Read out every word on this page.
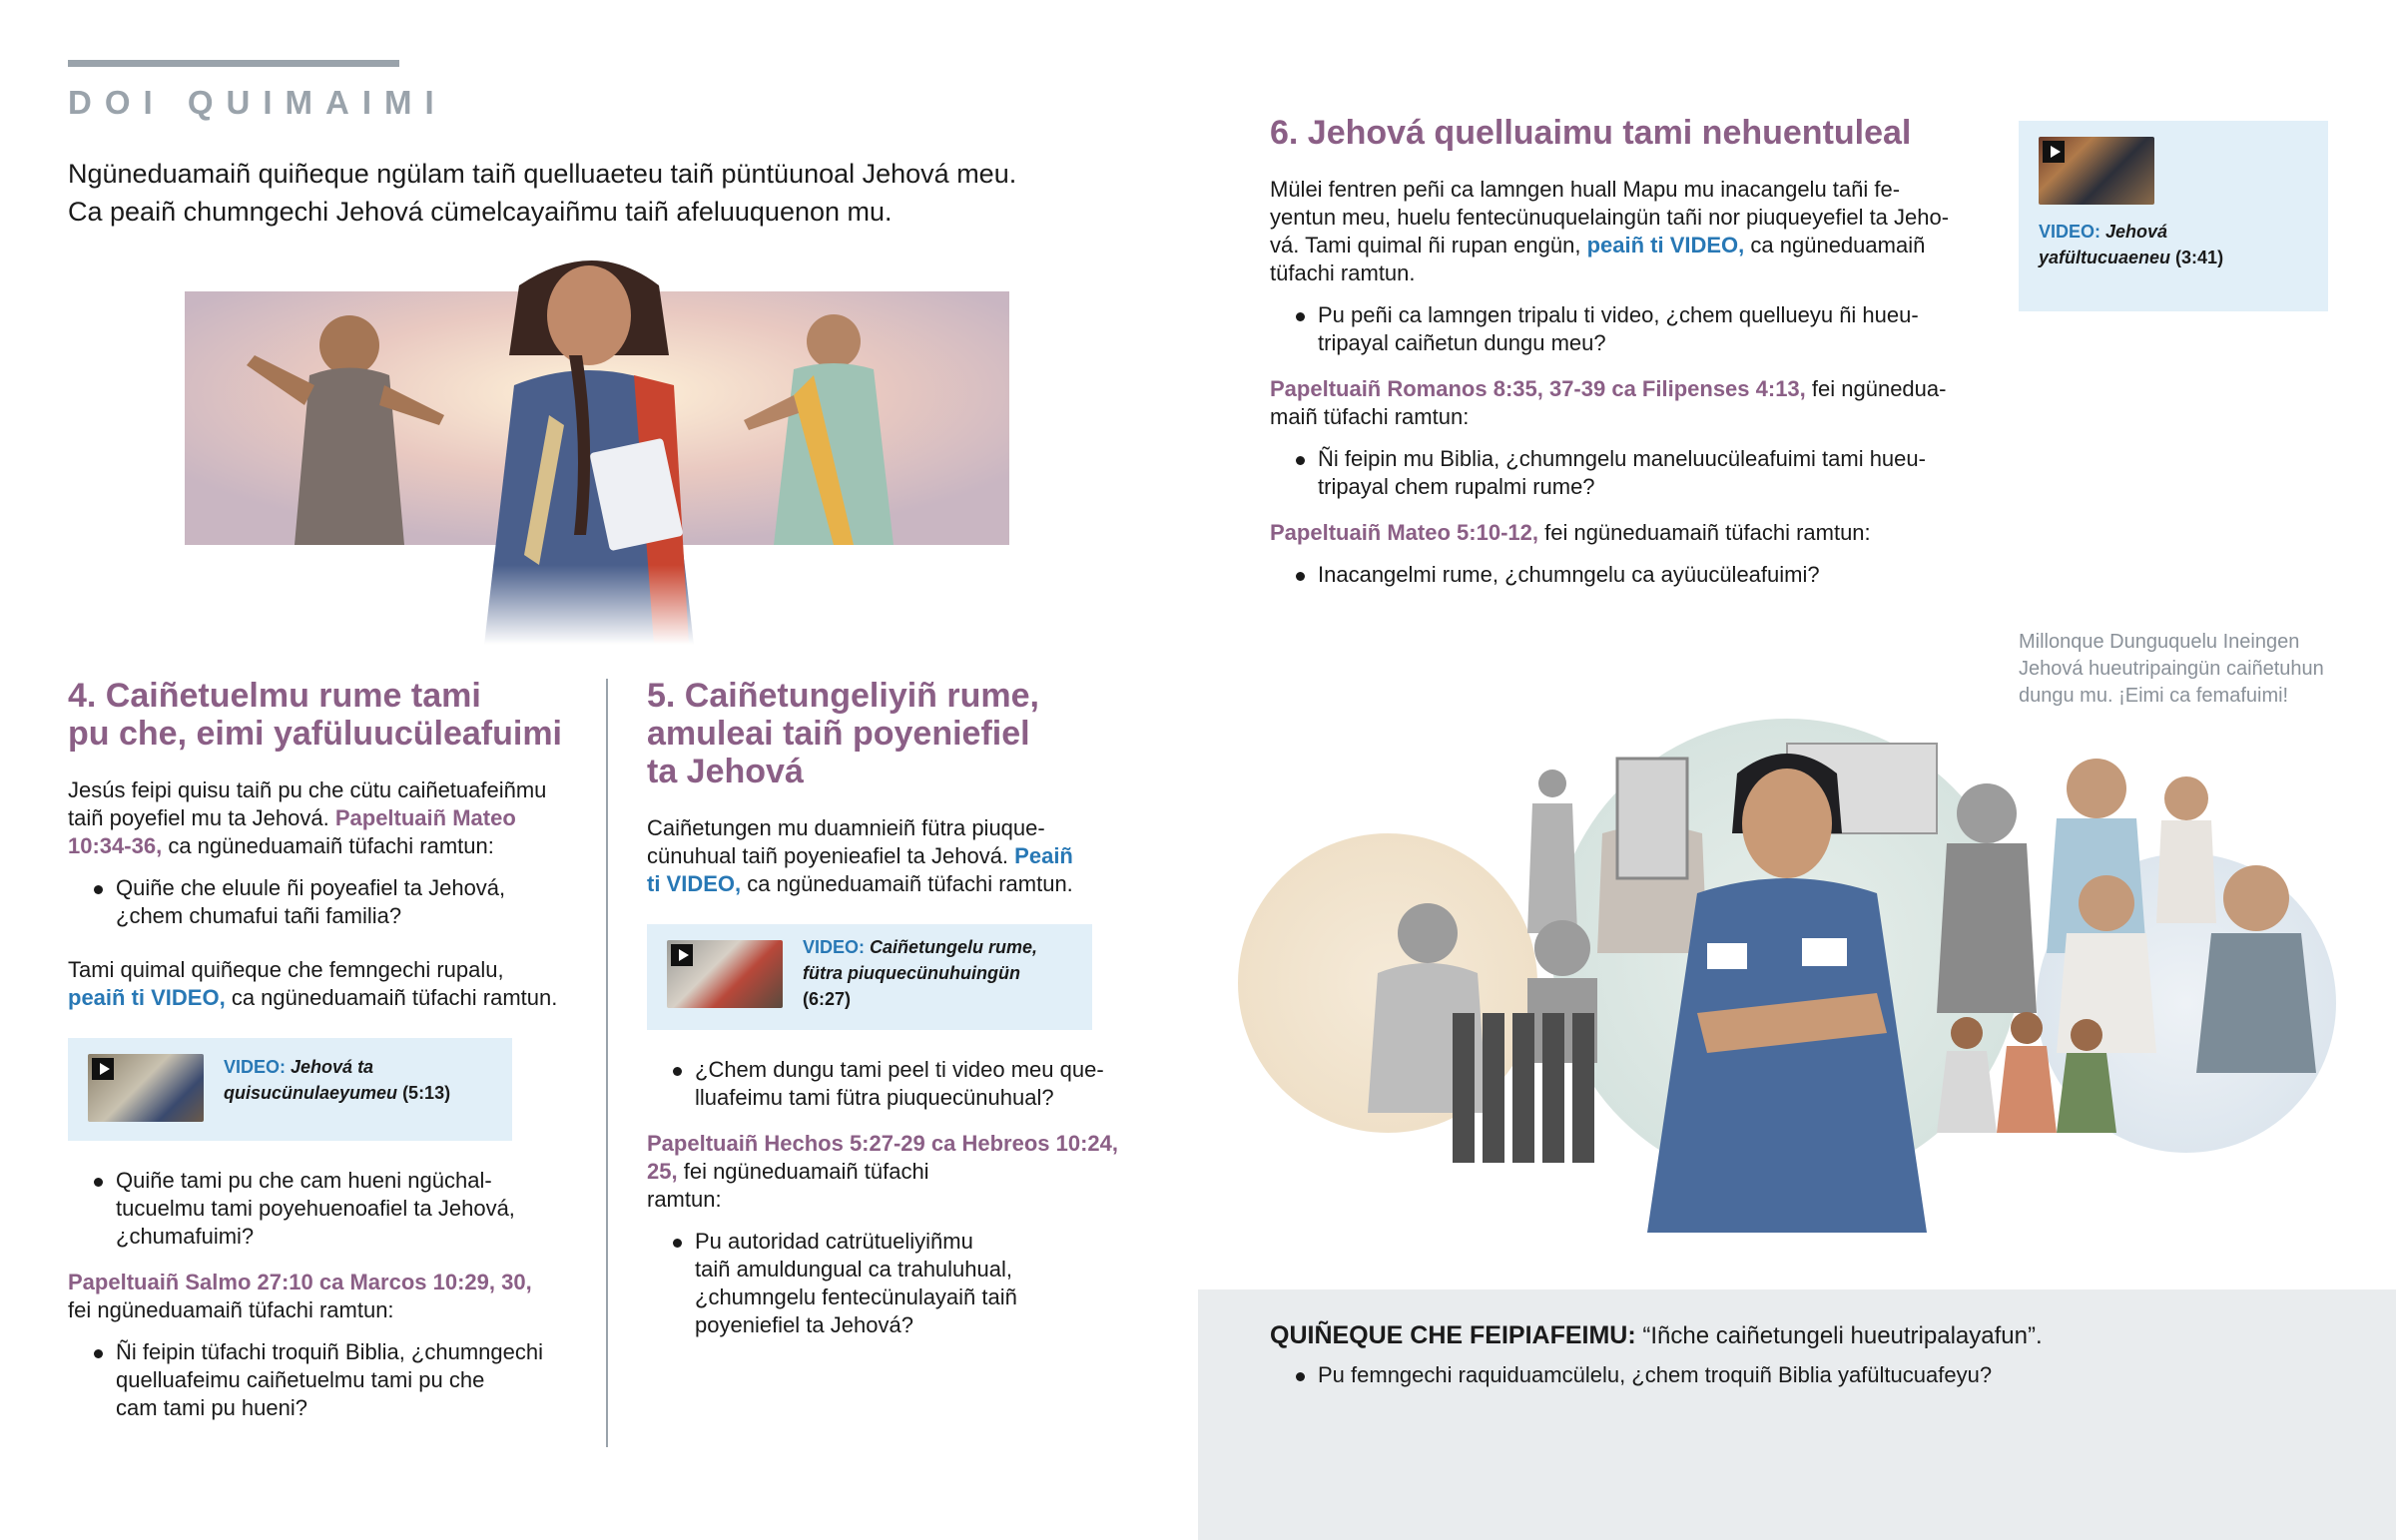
DOI QUIMAIMI
Ngüneduamaiñ quiñeque ngülam taiñ quelluaeteu taiñ püntüunoal Jehová meu.
Ca peaiñ chumngechi Jehová cümelcayaiñmu taiñ afeluuquenon mu.
4. Caiñetuelmu rume tami
pu che, eimi yafüluucüleafuimi
Jesús feipi quisu taiñ pu che cütu caiñetuafeiñmu
taiñ poyefiel mu ta Jehová. Papeltuaiñ Mateo
10:34-36, ca ngüneduamaiñ tüfachi ramtun:
Quiñe che eluule ñi poyeafiel ta Jehová,
¿chem chumafui tañi familia?
Tami quimal quiñeque che femngechi rupalu,
peaiñ ti VIDEO, ca ngüneduamaiñ tüfachi ramtun.
VIDEO: Jehová ta
quisucünulaeyumeu (5:13)
Quiñe tami pu che cam hueni ngüchal-
tucuelmu tami poyehuenoafiel ta Jehová,
¿chumafuimi?
Papeltuaiñ Salmo 27:10 ca Marcos 10:29, 30,
fei ngüneduamaiñ tüfachi ramtun:
Ñi feipin tüfachi troquiñ Biblia, ¿chumngechi
quelluafeimu caiñetuelmu tami pu che
cam tami pu hueni?
5. Caiñetungeliyiñ rume,
amuleai taiñ poyeniefiel
ta Jehová
Caiñetungen mu duamnieiñ fütra piuque-
cünuhual taiñ poyenieafiel ta Jehová. Peaiñ
ti VIDEO, ca ngüneduamaiñ tüfachi ramtun.
VIDEO: Caiñetungelu rume,
fütra piuquecünuhuingün
(6:27)
¿Chem dungu tami peel ti video meu que-
lluafeimu tami fütra piuquecünuhual?
Papeltuaiñ Hechos 5:27-29 ca Hebreos 10:24,
25, fei ngüneduamaiñ tüfachi
ramtun:
Pu autoridad catrütueliyiñmu
taiñ amuldungual ca trahuluhual,
¿chumngelu fentecünulayaiñ taiñ
poyeniefiel ta Jehová?
6. Jehová quelluaimu tami nehuentuleal
Mülei fentren peñi ca lamngen huall Mapu mu inacangelu tañi fe-
yentun meu, huelu fentecünuquelaingün tañi nor piuqueyefiel ta Jeho-
vá. Tami quimal ñi rupan engün, peaiñ ti VIDEO, ca ngüneduamaiñ
tüfachi ramtun.
Pu peñi ca lamngen tripalu ti video, ¿chem quellueyu ñi hueu-
tripayal caiñetun dungu meu?
Papeltuaiñ Romanos 8:35, 37-39 ca Filipenses 4:13, fei ngüneduа-
maiñ tüfachi ramtun:
Ñi feipin mu Biblia, ¿chumngelu maneluucüleafuimi tami hueu-
tripayal chem rupalmi rume?
Papeltuaiñ Mateo 5:10-12, fei ngüneduamaiñ tüfachi ramtun:
Inacangelmi rume, ¿chumngelu ca ayüucüleafuimi?
VIDEO: Jehová
yafültucuaeneu (3:41)
Millonque Dunguquelu Ineingen
Jehová hueutripaingün caiñetuhun
dungu mu. ¡Eimi ca femafuimi!
QUIÑEQUE CHE FEIPIAFEIMU: “Iñche caiñetungeli hueutripalayafun”.
Pu femngechi raquiduamcülelu, ¿chem troquiñ Biblia yafültucuafeyu?
